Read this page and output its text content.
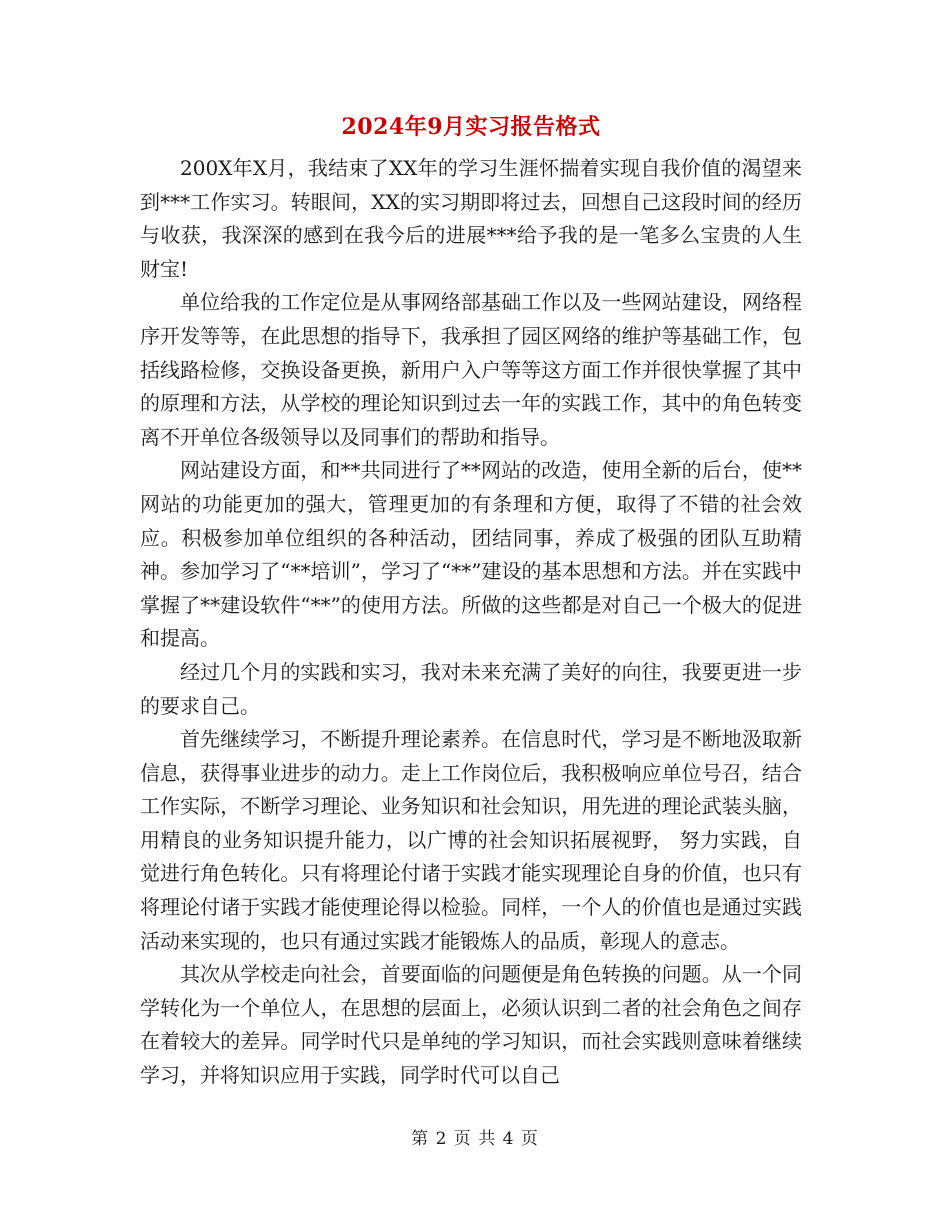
2024年9月实习报告格式

200X年X月，我结束了XX年的学习生涯怀揣着实现自我价值的渴望来到***工作实习。转眼间，XX的实习期即将过去，回想自己这段时间的经历与收获，我深深的感到在我今后的进展***给予我的是一笔多么宝贵的人生财宝!

单位给我的工作定位是从事网络部基础工作以及一些网站建设，网络程序开发等等，在此思想的指导下，我承担了园区网络的维护等基础工作，包括线路检修，交换设备更换，新用户入户等等这方面工作并很快掌握了其中的原理和方法，从学校的理论知识到过去一年的实践工作，其中的角色转变离不开单位各级领导以及同事们的帮助和指导。

网站建设方面，和**共同进行了**网站的改造，使用全新的后台，使**网站的功能更加的强大，管理更加的有条理和方便，取得了不错的社会效应。积极参加单位组织的各种活动，团结同事，养成了极强的团队互助精神。参加学习了“**培训”，学习了“**”建设的基本思想和方法。并在实践中掌握了**建设软件“**”的使用方法。所做的这些都是对自己一个极大的促进和提高。

经过几个月的实践和实习，我对未来充满了美好的向往，我要更进一步的要求自己。

首先继续学习，不断提升理论素养。在信息时代，学习是不断地汲取新信息，获得事业进步的动力。走上工作岗位后，我积极响应单位号召，结合工作实际，不断学习理论、业务知识和社会知识，用先进的理论武装头脑，用精良的业务知识提升能力，以广博的社会知识拓展视野， 努力实践，自觉进行角色转化。只有将理论付诸于实践才能实现理论自身的价值，也只有将理论付诸于实践才能使理论得以检验。同样，一个人的价值也是通过实践活动来实现的，也只有通过实践才能锻炼人的品质，彰现人的意志。

其次从学校走向社会，首要面临的问题便是角色转换的问题。从一个同学转化为一个单位人，在思想的层面上，必须认识到二者的社会角色之间存在着较大的差异。同学时代只是单纯的学习知识，而社会实践则意味着继续学习，并将知识应用于实践，同学时代可以自己

第 2 页 共 4 页
